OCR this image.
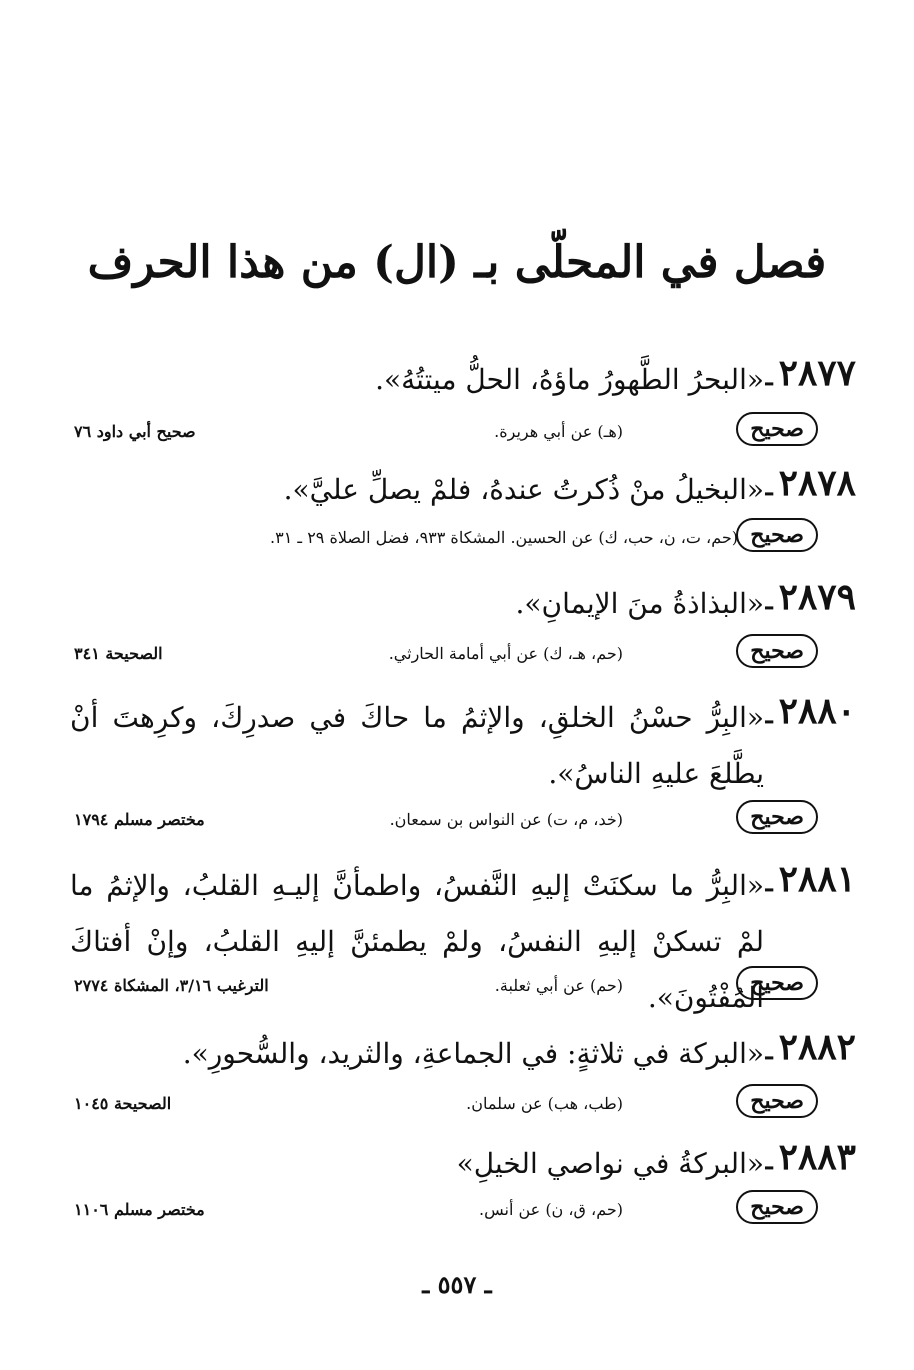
فصل في المحلّى بـ (ال) من هذا الحرف
٢٨٧٧ـ
«البحرُ الطَّهورُ ماؤهُ، الحلُّ ميتتُهُ».
صحيح
(هـ) عن أبي هريرة.
صحيح أبي داود ٧٦
٢٨٧٨ـ
«البخيلُ منْ ذُكرتُ عندهُ، فلمْ يصلِّ عليَّ».
صحيح
(حم، ت، ن، حب، ك) عن الحسين. المشكاة ٩٣٣، فضل الصلاة ٢٩ ـ ٣١.
٢٨٧٩ـ
«البذاذةُ منَ الإيمانِ».
صحيح
(حم، هـ، ك) عن أبي أمامة الحارثي.
الصحيحة ٣٤١
٢٨٨٠ـ
«البِرُّ حسْنُ الخلقِ، والإثمُ ما حاكَ في صدرِكَ، وكرِهتَ أنْ يطَّلعَ عليهِ الناسُ».
صحيح
(خد، م، ت) عن النواس بن سمعان.
مختصر مسلم ١٧٩٤
٢٨٨١ـ
«البِرُّ ما سكنَتْ إليهِ النَّفسُ، واطمأنَّ إليـهِ القلبُ، والإثمُ ما لمْ تسكنْ إليهِ النفسُ، ولمْ يطمئنَّ إليهِ القلبُ، وإنْ أفتاكَ المُفْتُونَ».
صحيح
(حم) عن أبي ثعلبة.
الترغيب ٣/١٦، المشكاة ٢٧٧٤
٢٨٨٢ـ
«البركة في ثلاثةٍ: في الجماعةِ، والثريد، والسُّحورِ».
صحيح
(طب، هب) عن سلمان.
الصحيحة ١٠٤٥
٢٨٨٣ـ
«البركةُ في نواصي الخيلِ»
صحيح
(حم، ق، ن) عن أنس.
مختصر مسلم ١١٠٦
ـ ٥٥٧ ـ
